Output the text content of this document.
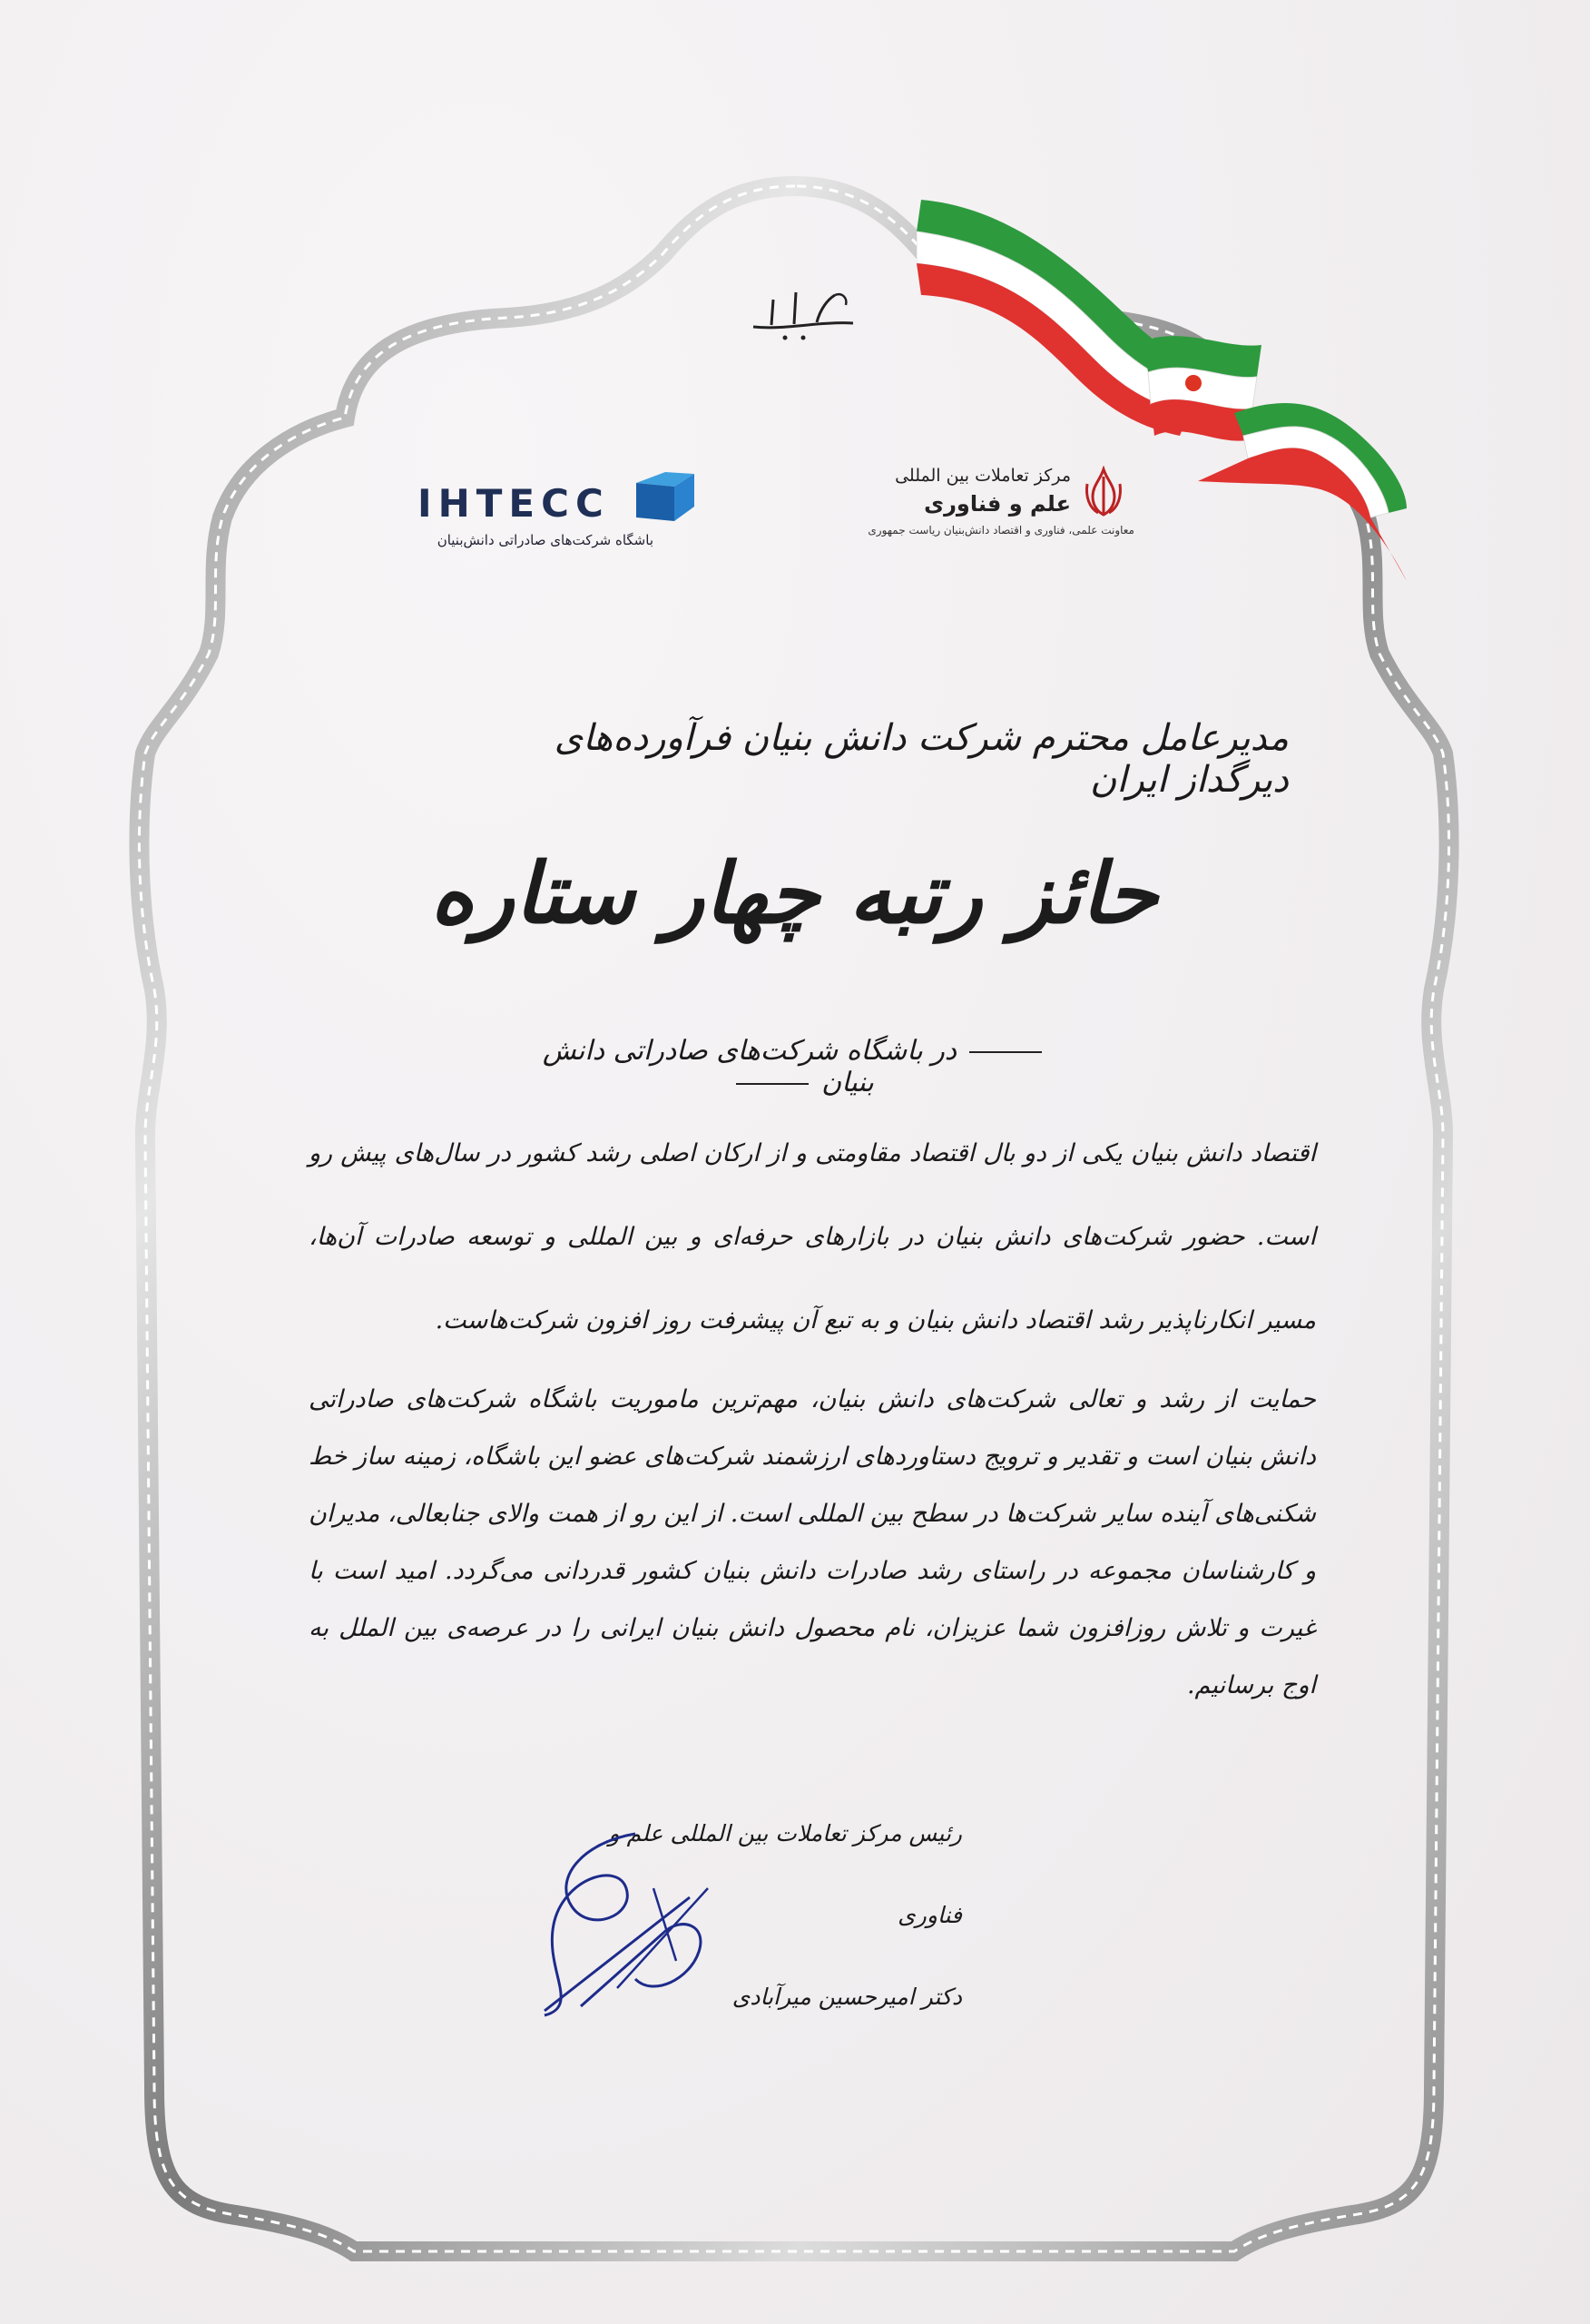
IHTECC
باشگاه شرکت‌های صادراتی دانش‌بنیان
مرکز تعاملات بین المللی
علم و فناوری
معاونت علمی، فناوری و اقتصاد دانش‌بنیان ریاست جمهوری
مدیرعامل محترم شرکت دانش بنیان فرآورده‌های دیرگداز ایران
حائز رتبه چهار ستاره
در باشگاه شرکت‌های صادراتی دانش بنیان
اقتصاد دانش بنیان یکی از دو بال اقتصاد مقاومتی و از ارکان اصلی رشد کشور در سال‌های پیش رو است. حضور شرکت‌های دانش بنیان در بازارهای حرفه‌ای و بین المللی و توسعه صادرات آن‌ها، مسیر انکارناپذیر رشد اقتصاد دانش بنیان و به تبع آن پیشرفت روز افزون شرکت‌هاست.
حمایت از رشد و تعالی شرکت‌های دانش بنیان، مهم‌ترین ماموریت باشگاه شرکت‌های صادراتی دانش بنیان است و تقدیر و ترویج دستاوردهای ارزشمند شرکت‌های عضو این باشگاه، زمینه ساز خط شکنی‌های آینده سایر شرکت‌ها در سطح بین المللی است. از این رو از همت والای جنابعالی، مدیران و کارشناسان مجموعه در راستای رشد صادرات دانش بنیان کشور قدردانی می‌گردد. امید است با غیرت و تلاش روزافزون شما عزیزان، نام محصول دانش بنیان ایرانی را در عرصه‌ی بین الملل به اوج برسانیم.
رئیس مرکز تعاملات بین المللی علم و فناوری
دکتر امیرحسین میرآبادی
